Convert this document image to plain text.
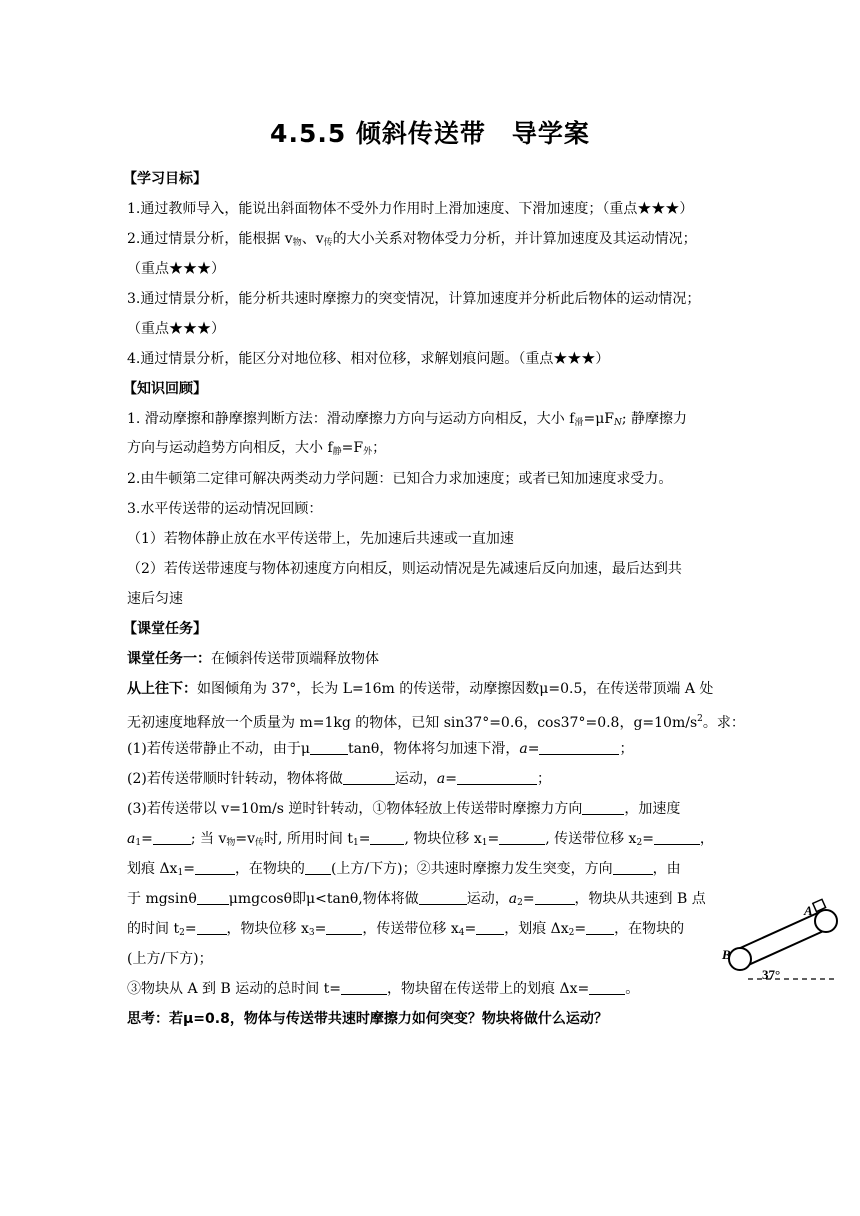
4.5.5 倾斜传送带　导学案
【学习目标】
1.通过教师导入，能说出斜面物体不受外力作用时上滑加速度、下滑加速度；（重点★★★）
2.通过情景分析，能根据 $v_物$、$v_传$的大小关系对物体受力分析，并计算加速度及其运动情况；
（重点★★★）
3.通过情景分析，能分析共速时摩擦力的突变情况，计算加速度并分析此后物体的运动情况；
（重点★★★）
4.通过情景分析，能区分对地位移、相对位移，求解划痕问题。（重点★★★）
【知识回顾】
1. 滑动摩擦和静摩擦判断方法：滑动摩擦力方向与运动方向相反，大小 $f_滑=\mu F_N$; 静摩擦力
方向与运动趋势方向相反，大小 $f_静=F_外$；
2.由牛顿第二定律可解决两类动力学问题：已知合力求加速度；或者已知加速度求受力。
3.水平传送带的运动情况回顾：
（1）若物体静止放在水平传送带上，先加速后共速或一直加速
（2）若传送带速度与物体初速度方向相反，则运动情况是先减速后反向加速，最后达到共
速后匀速
【课堂任务】
课堂任务一：在倾斜传送带顶端释放物体
从上往下：如图倾角为 37°，长为 L=16m 的传送带，动摩擦因数μ=0.5，在传送带顶端 A 处
无初速度地释放一个质量为 m=1kg 的物体，已知 sin37°=0.6，cos37°=0.8，$g=10m/s^2$。求：
(1)若传送带静止不动，由于μ	tanθ，物体将匀加速下滑，a=	；
(2)若传送带顺时针转动，物体将做	运动，a=	；
(3)若传送带以 v=10m/s 逆时针转动，①物体轻放上传送带时摩擦力方向	，加速度
$a_1=$	; 当 $v_物=v_传$时, 所用时间 $t_1=$ , 物块位移 $x_1=$	, 传送带位移 $x_2=$	，
划痕 $\Delta x_1=$	，在物块的 (上方/下方)；②共速时摩擦力发生突变，方向	，由
于 mgsinθ μmgcosθ即μ<tanθ,物体将做	运动，$a_2=$	，物块从共速到 B 点
的时间 $t_2=$ ，物块位移 $x_3=$	，传送带位移 $x_4=$ ，划痕 $\Delta x_2=$ ，在物块的
(上方/下方)；
③物块从 A 到 B 运动的总时间 t=	，物块留在传送带上的划痕 Δx=	。
思考：若μ=0.8，物体与传送带共速时摩擦力如何突变？物块将做什么运动？
A
B
37°
